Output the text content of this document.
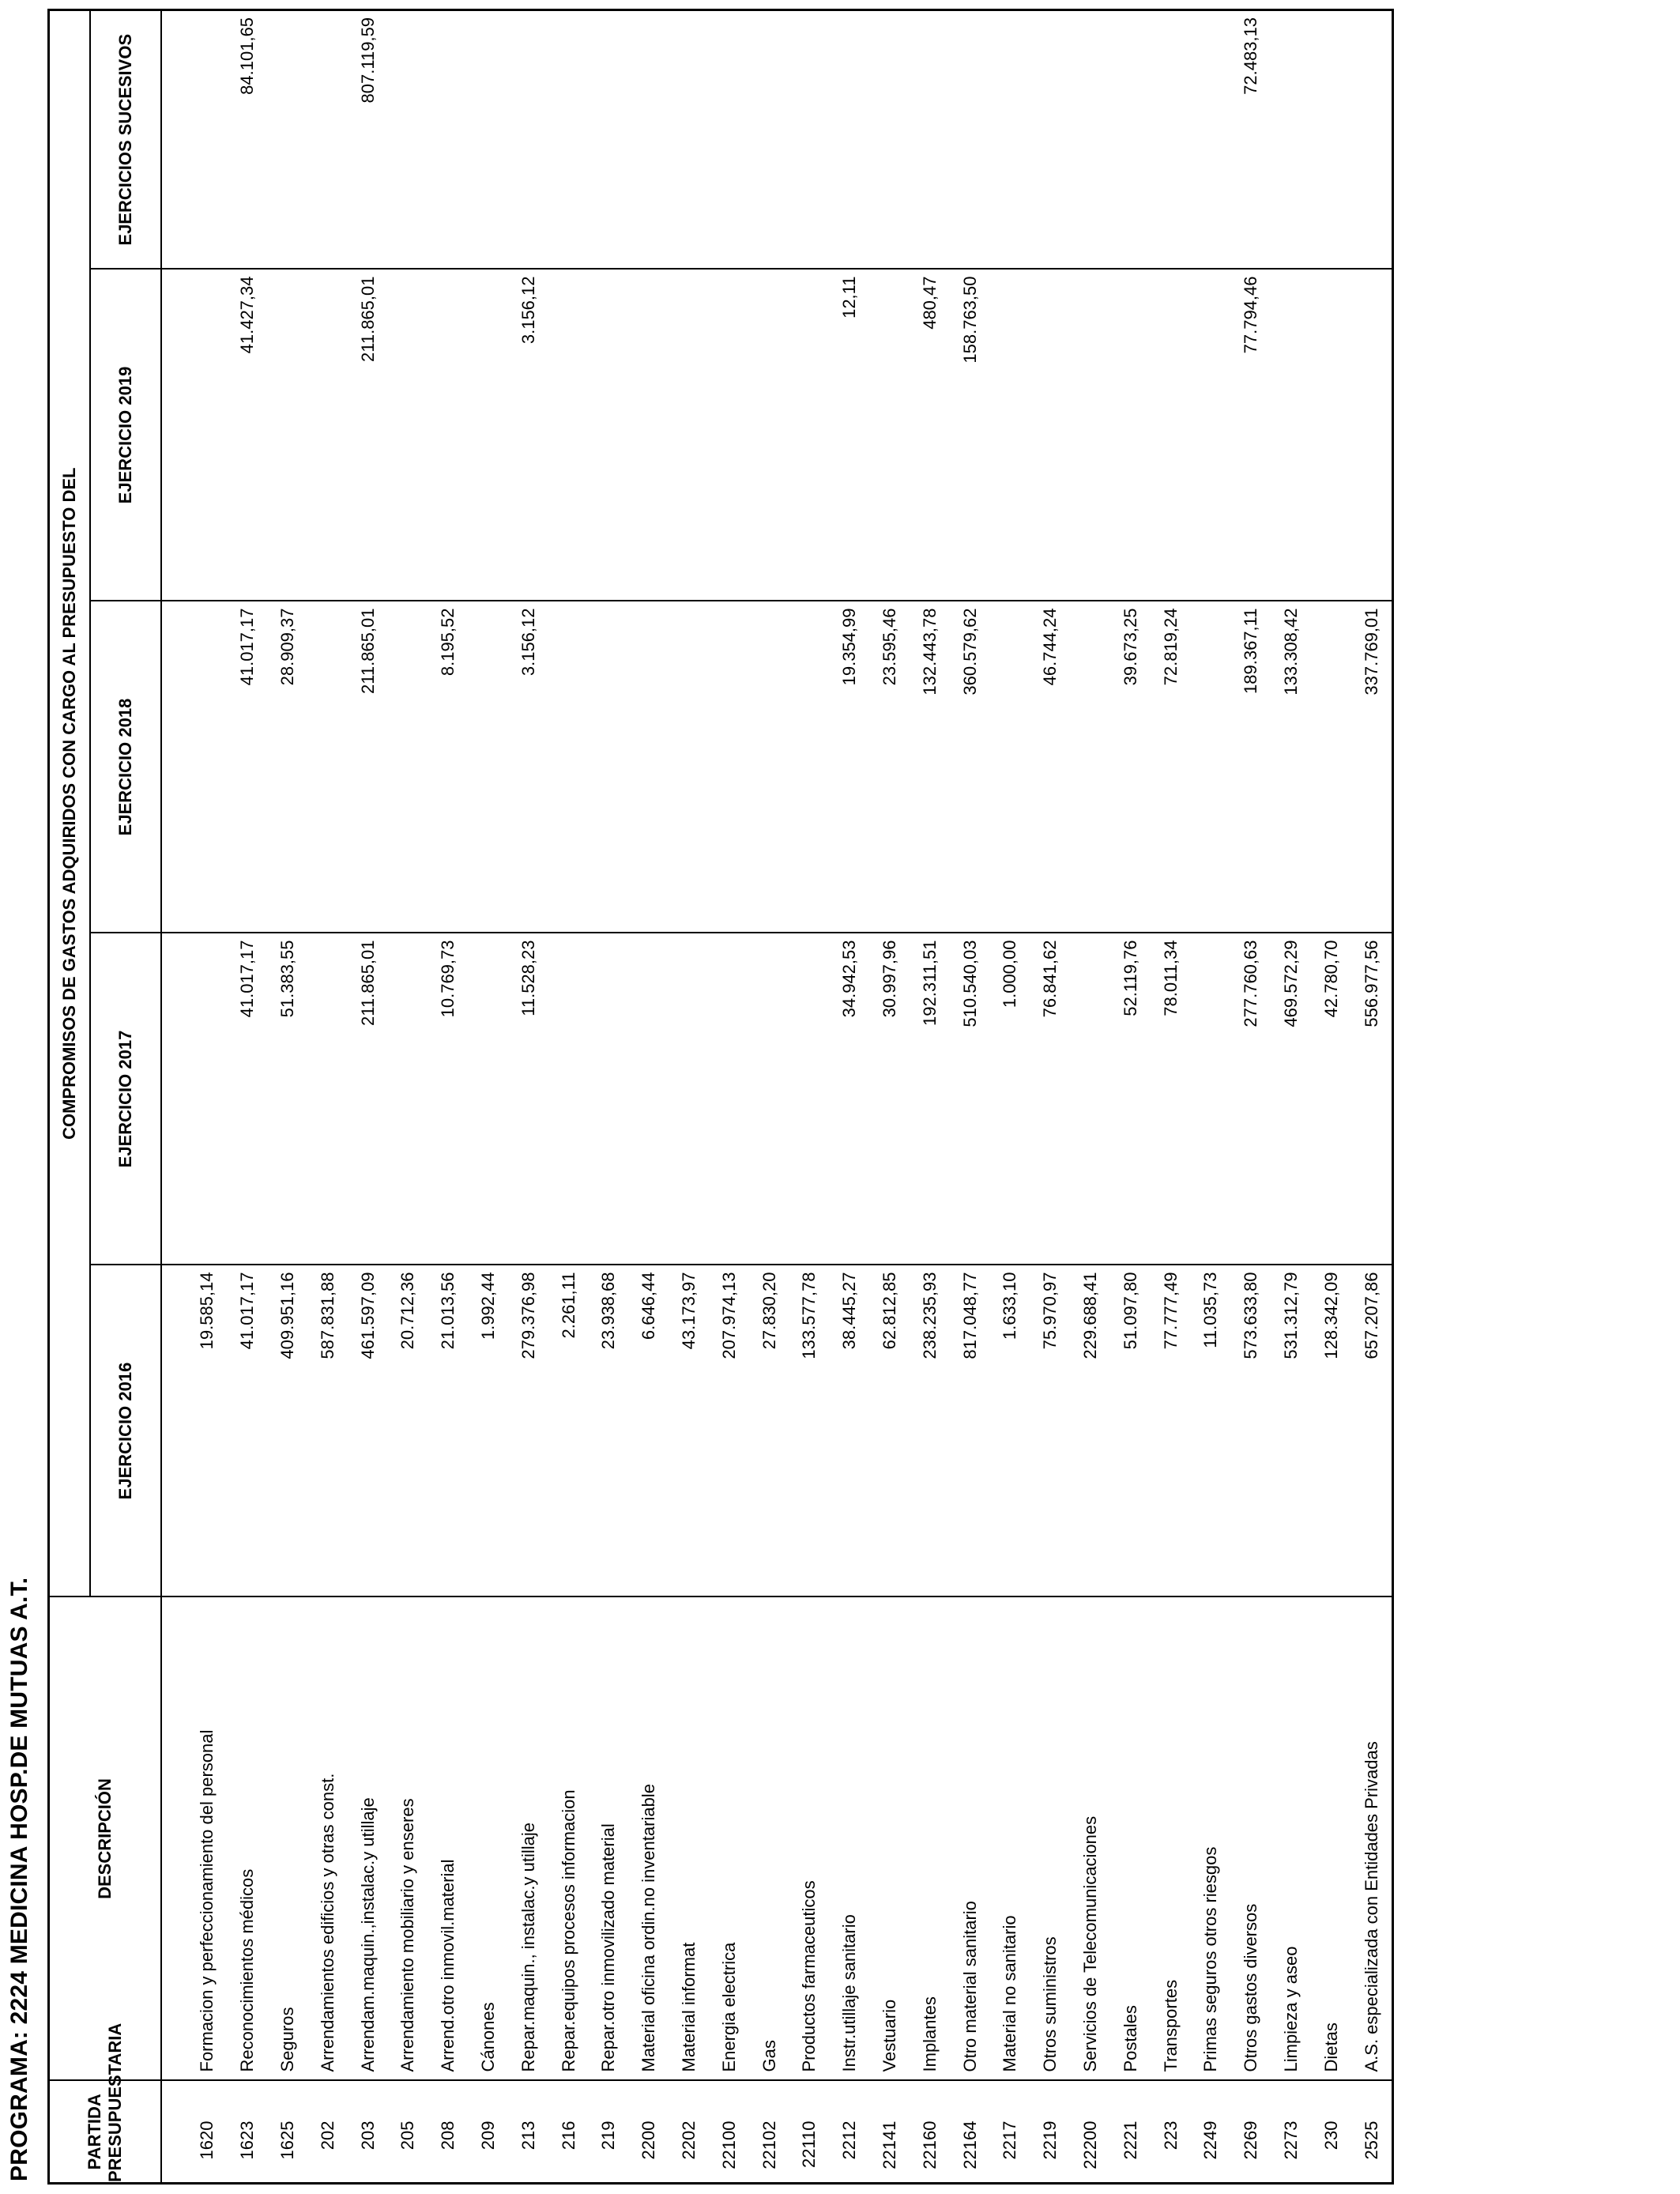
PROGRAMA: 2224 MEDICINA HOSP.DE MUTUAS A.T.	PARTIDA PRESUPUESTARIA	DESCRIPCIÓN	COMPROMISOS DE GASTOS ADQUIRIDOS CON CARGO AL PRESUPUESTO DEL				
		EJERCICIO 2016	EJERCICIO 2017	EJERCICIO 2018	EJERCICIO 2019	EJERCICIOS SUCESIVOS

1620	Formacion y perfeccionamiento del personal	19.585,14				
1623	Reconocimientos médicos	41.017,17	41.017,17	41.017,17	41.427,34	84.101,65
1625	Seguros	409.951,16	51.383,55	28.909,37		
202	Arrendamientos edificios y otras const.	587.831,88				
203	Arrendam.maquin.,instalac.y utillaje	461.597,09	211.865,01	211.865,01	211.865,01	807.119,59
205	Arrendamiento mobiliario y enseres	20.712,36				
208	Arrend.otro inmovil.material	21.013,56	10.769,73	8.195,52		
209	Cánones	1.992,44				
213	Repar.maquin., instalac.y utillaje	279.376,98	11.528,23	3.156,12	3.156,12	
216	Repar.equipos procesos informacion	2.261,11				
219	Repar.otro inmovilizado material	23.938,68				
2200	Material oficina ordin.no inventariable	6.646,44				
2202	Material informat	43.173,97				
22100	Energia electrica	207.974,13				
22102	Gas	27.830,20				
22110	Productos farmaceuticos	133.577,78				
2212	Instr.utillaje sanitario	38.445,27	34.942,53	19.354,99	12,11	
22141	Vestuario	62.812,85	30.997,96	23.595,46		
22160	Implantes	238.235,93	192.311,51	132.443,78	480,47	
22164	Otro material sanitario	817.048,77	510.540,03	360.579,62	158.763,50	
2217	Material no sanitario	1.633,10	1.000,00			
2219	Otros suministros	75.970,97	76.841,62	46.744,24		
22200	Servicios de Telecomunicaciones	229.688,41				
2221	Postales	51.097,80	52.119,76	39.673,25		
223	Transportes	77.777,49	78.011,34	72.819,24		
2249	Primas seguros otros riesgos	11.035,73				
2269	Otros gastos diversos	573.633,80	277.760,63	189.367,11	77.794,46	72.483,13
2273	Limpieza y aseo	531.312,79	469.572,29	133.308,42		
230	Dietas	128.342,09	42.780,70			
2525	A.S. especializada con Entidades Privadas	657.207,86	556.977,56	337.769,01		
